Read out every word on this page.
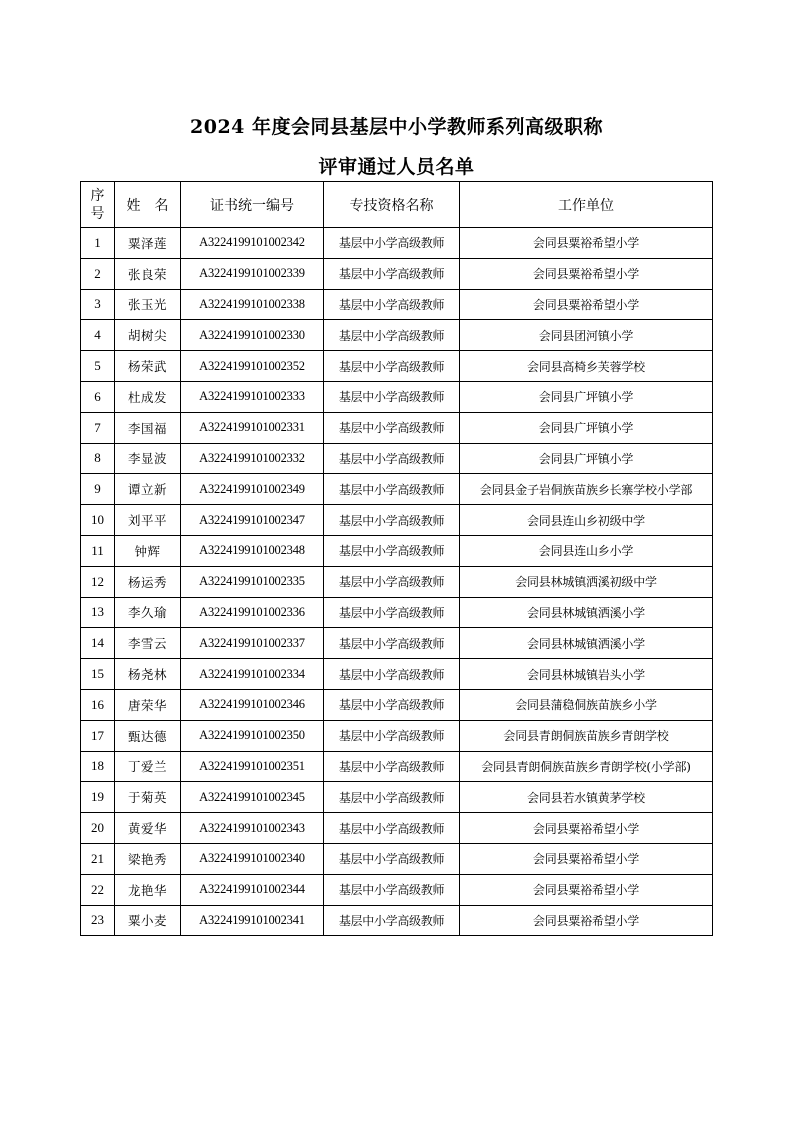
2024 年度会同县基层中小学教师系列高级职称
评审通过人员名单
序号	姓　名	证书统一编号	专技资格名称	工作单位
1	粟泽莲	A3224199101002342	基层中小学高级教师	会同县粟裕希望小学
2	张良荣	A3224199101002339	基层中小学高级教师	会同县粟裕希望小学
3	张玉光	A3224199101002338	基层中小学高级教师	会同县粟裕希望小学
4	胡树尖	A3224199101002330	基层中小学高级教师	会同县团河镇小学
5	杨荣武	A3224199101002352	基层中小学高级教师	会同县高椅乡芙蓉学校
6	杜成发	A3224199101002333	基层中小学高级教师	会同县广坪镇小学
7	李国福	A3224199101002331	基层中小学高级教师	会同县广坪镇小学
8	李显波	A3224199101002332	基层中小学高级教师	会同县广坪镇小学
9	谭立新	A3224199101002349	基层中小学高级教师	会同县金子岩侗族苗族乡长寨学校小学部
10	刘平平	A3224199101002347	基层中小学高级教师	会同县连山乡初级中学
11	钟辉	A3224199101002348	基层中小学高级教师	会同县连山乡小学
12	杨运秀	A3224199101002335	基层中小学高级教师	会同县林城镇洒溪初级中学
13	李久瑜	A3224199101002336	基层中小学高级教师	会同县林城镇洒溪小学
14	李雪云	A3224199101002337	基层中小学高级教师	会同县林城镇洒溪小学
15	杨尧林	A3224199101002334	基层中小学高级教师	会同县林城镇岩头小学
16	唐荣华	A3224199101002346	基层中小学高级教师	会同县蒲稳侗族苗族乡小学
17	甄达德	A3224199101002350	基层中小学高级教师	会同县青朗侗族苗族乡青朗学校
18	丁爱兰	A3224199101002351	基层中小学高级教师	会同县青朗侗族苗族乡青朗学校(小学部)
19	于菊英	A3224199101002345	基层中小学高级教师	会同县若水镇黄茅学校
20	黄爱华	A3224199101002343	基层中小学高级教师	会同县粟裕希望小学
21	梁艳秀	A3224199101002340	基层中小学高级教师	会同县粟裕希望小学
22	龙艳华	A3224199101002344	基层中小学高级教师	会同县粟裕希望小学
23	粟小麦	A3224199101002341	基层中小学高级教师	会同县粟裕希望小学
